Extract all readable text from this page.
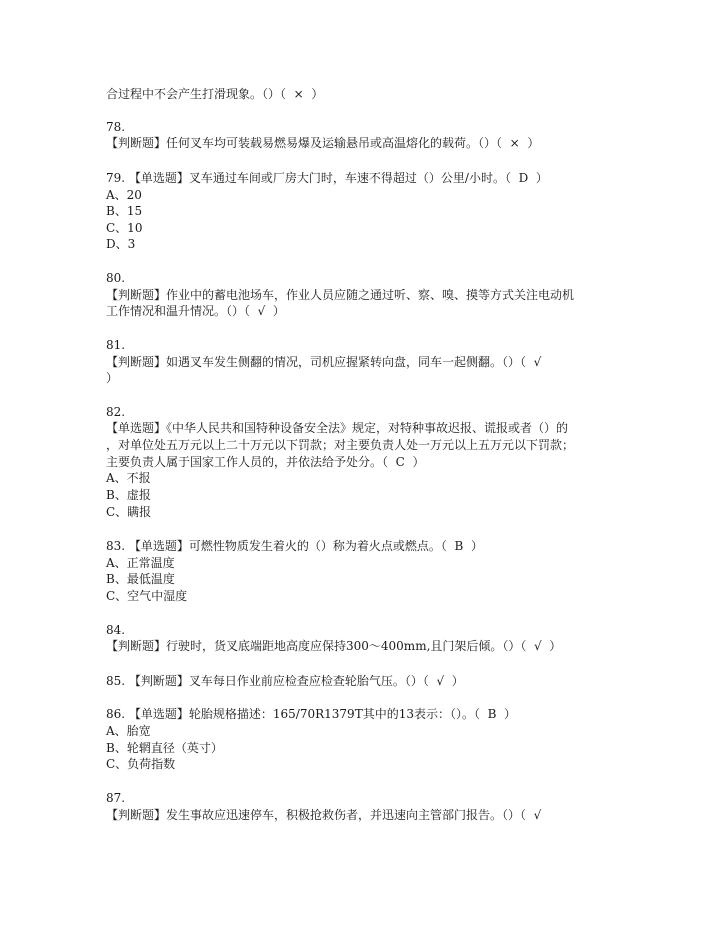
合过程中不会产生打滑现象。（）（  ×  ）
78.
【判断题】任何叉车均可装载易燃易爆及运输悬吊或高温熔化的载荷。（）（  ×  ）
79. 【单选题】叉车通过车间或厂房大门时，车速不得超过（）公里/小时。（  D  ）
A、20
B、15
C、10
D、3
80.
【判断题】作业中的蓄电池场车，作业人员应随之通过听、察、嗅、摸等方式关注电动机
工作情况和温升情况。（）（  √  ）
81.
【判断题】如遇叉车发生侧翻的情况，司机应握紧转向盘，同车一起侧翻。（）（  √
）
82.
【单选题】《中华人民共和国特种设备安全法》规定，对特种事故迟报、谎报或者（）的
，对单位处五万元以上二十万元以下罚款；对主要负责人处一万元以上五万元以下罚款；
主要负责人属于国家工作人员的，并依法给予处分。（  C  ）
A、不报
B、虚报
C、瞒报
83. 【单选题】可燃性物质发生着火的（）称为着火点或燃点。（  B  ）
A、正常温度
B、最低温度
C、空气中湿度
84.
【判断题】行驶时，货叉底端距地高度应保持300～400mm,且门架后倾。（）（  √  ）
85. 【判断题】叉车每日作业前应检查应检查轮胎气压。（）（  √  ）
86. 【单选题】轮胎规格描述：165/70R1379T其中的13表示：（）。（  B  ）
A、胎宽
B、轮辋直径（英寸）
C、负荷指数
87.
【判断题】发生事故应迅速停车，积极抢救伤者，并迅速向主管部门报告。（）（  √
